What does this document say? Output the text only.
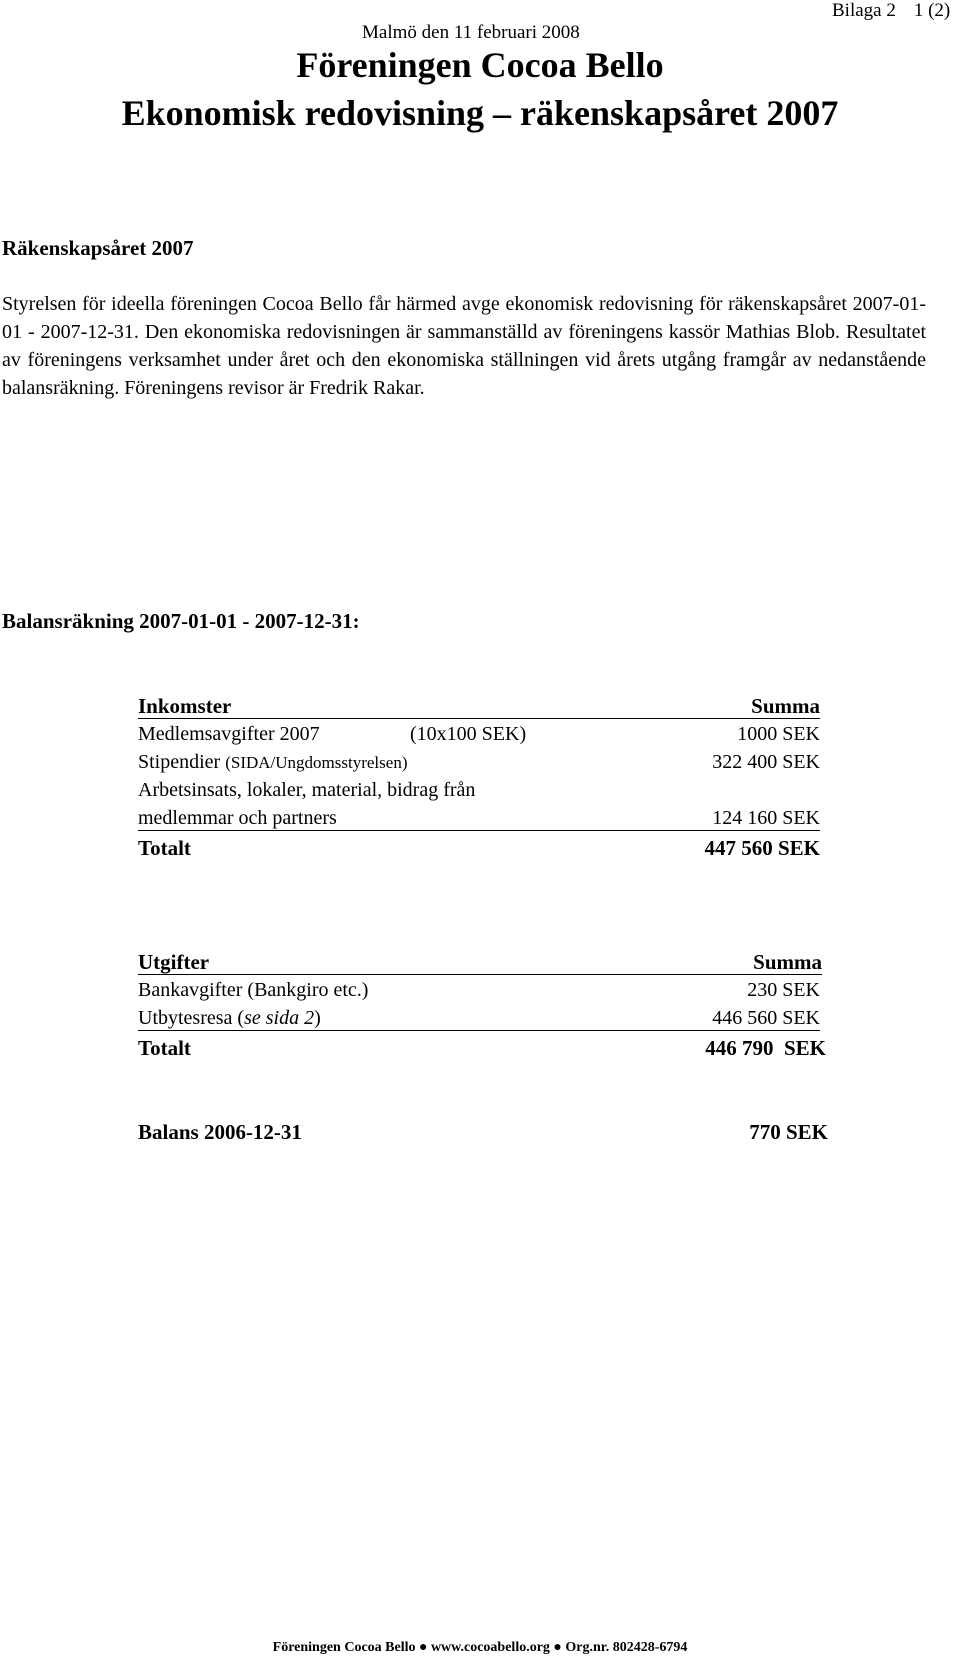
Malmö den 11 februari 2008
Bilaga 2 1 (2)
Föreningen Cocoa Bello
Ekonomisk redovisning – räkenskapsåret 2007
Räkenskapsåret 2007
Styrelsen för ideella föreningen Cocoa Bello får härmed avge ekonomisk redovisning för räkenskapsåret 2007-01-01 - 2007-12-31. Den ekonomiska redovisningen är sammanställd av föreningens kassör Mathias Blob. Resultatet av föreningens verksamhet under året och den ekonomiska ställningen vid årets utgång framgår av nedanstående balansräkning. Föreningens revisor är Fredrik Rakar.
Balansräkning 2007-01-01 - 2007-12-31:
Inkomster	Summa
Medlemsavgifter 2007	(10x100 SEK)	1000 SEK
Stipendier (SIDA/Ungdomsstyrelsen)	322 400 SEK
Arbetsinsats, lokaler, material, bidrag från
medlemmar och partners	124 160 SEK
Totalt	447 560 SEK
Utgifter	Summa
Bankavgifter (Bankgiro etc.)	230 SEK
Utbytesresa (se sida 2)	446 560 SEK
Totalt	446 790  SEK
Balans 2006-12-31	770 SEK
Föreningen Cocoa Bello ● www.cocoabello.org ● Org.nr. 802428-6794
